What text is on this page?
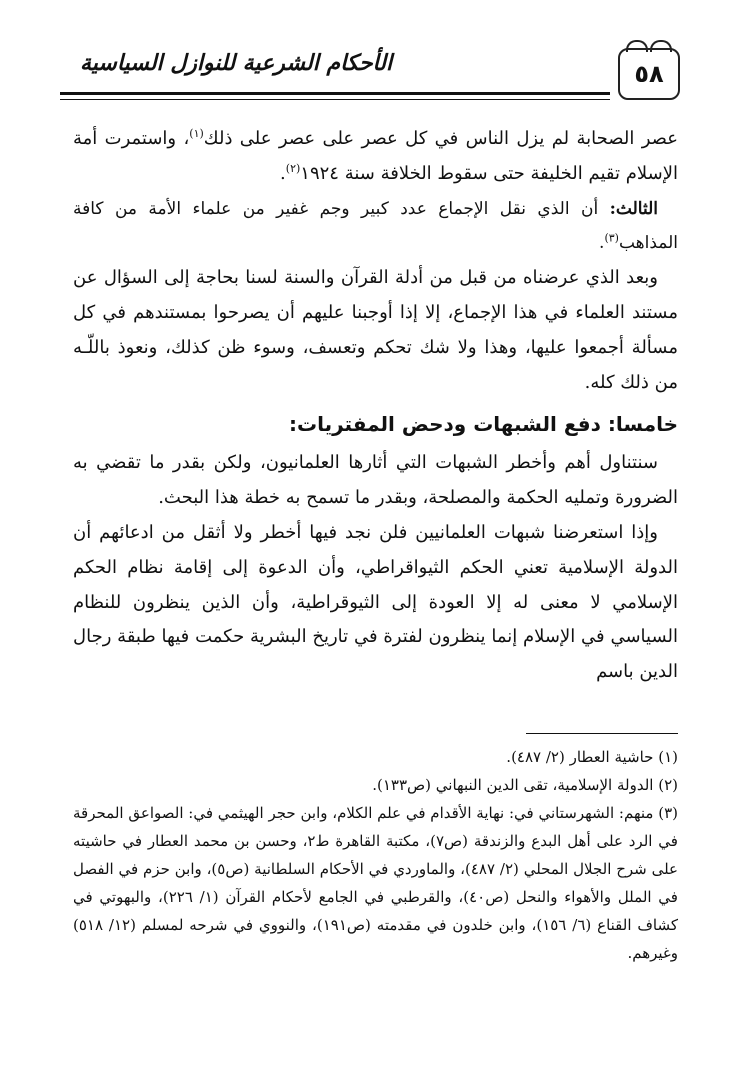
٥٨
الأحكام الشرعية للنوازل السياسية

عصر الصحابة لم يزل الناس في كل عصر على عصر على ذلك$^{(١)}$، واستمرت أمة الإسلام تقيم الخليفة حتى سقوط الخلافة سنة ١٩٢٤$^{(٢)}$.

الثالث: أن الذي نقل الإجماع عدد كبير وجم غفير من علماء الأمة من كافة المذاهب$^{(٣)}$.

وبعد الذي عرضناه من قبل من أدلة القرآن والسنة لسنا بحاجة إلى السؤال عن مستند العلماء في هذا الإجماع، إلا إذا أوجبنا عليهم أن يصرحوا بمستندهم في كل مسألة أجمعوا عليها، وهذا ولا شك تحكم وتعسف، وسوء ظن كذلك، ونعوذ باللّـه من ذلك كله.

خامسا: دفع الشبهات ودحض المفتريات:

سنتناول أهم وأخطر الشبهات التي أثارها العلمانيون، ولكن بقدر ما تقضي به الضرورة وتمليه الحكمة والمصلحة، وبقدر ما تسمح به خطة هذا البحث.

وإذا استعرضنا شبهات العلمانيين فلن نجد فيها أخطر ولا أثقل من ادعائهم أن الدولة الإسلامية تعني الحكم الثيواقراطي، وأن الدعوة إلى إقامة نظام الحكم الإسلامي لا معنى له إلا العودة إلى الثيوقراطية، وأن الذين ينظرون للنظام السياسي في الإسلام إنما ينظرون لفترة في تاريخ البشرية حكمت فيها طبقة رجال الدين باسم

(١) حاشية العطار (٢/ ٤٨٧).

(٢) الدولة الإسلامية، تقى الدين النبهاني (ص١٣٣).

(٣) منهم: الشهرستاني في: نهاية الأقدام في علم الكلام، وابن حجر الهيثمي في: الصواعق المحرقة في الرد على أهل البدع والزندقة (ص٧)، مكتبة القاهرة ط٢، وحسن بن محمد العطار في حاشيته على شرح الجلال المحلي (٢/ ٤٨٧)، والماوردي في الأحكام السلطانية (ص٥)، وابن حزم في الفصل في الملل والأهواء والنحل (ص٤٠)، والقرطبي في الجامع لأحكام القرآن (١/ ٢٢٦)، والبهوتي في كشاف القناع (٦/ ١٥٦)، وابن خلدون في مقدمته (ص١٩١)، والنووي في شرحه لمسلم (١٢/ ٥١٨) وغيرهم.
